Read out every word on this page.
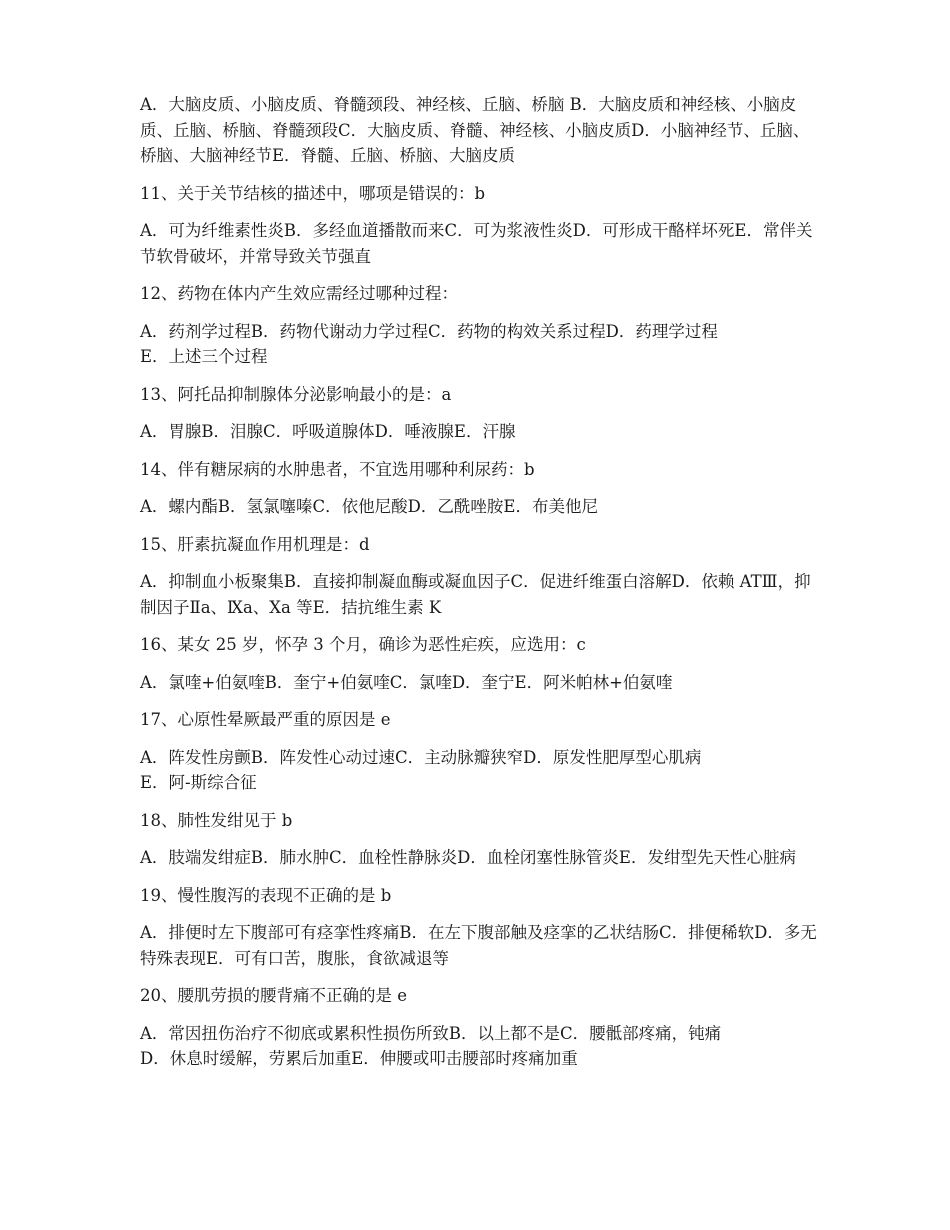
A．大脑皮质、小脑皮质、脊髓颈段、神经核、丘脑、桥脑 B．大脑皮质和神经核、小脑皮质、丘脑、桥脑、脊髓颈段C．大脑皮质、脊髓、神经核、小脑皮质D．小脑神经节、丘脑、桥脑、大脑神经节E．脊髓、丘脑、桥脑、大脑皮质

11、关于关节结核的描述中，哪项是错误的：b

A．可为纤维素性炎B．多经血道播散而来C．可为浆液性炎D．可形成干酪样坏死E．常伴关节软骨破坏，并常导致关节强直

12、药物在体内产生效应需经过哪种过程：

A．药剂学过程B．药物代谢动力学过程C．药物的构效关系过程D．药理学过程
E．上述三个过程

13、阿托品抑制腺体分泌影响最小的是：a

A．胃腺B．泪腺C．呼吸道腺体D．唾液腺E．汗腺

14、伴有糖尿病的水肿患者，不宜选用哪种利尿药：b

A．螺内酯B．氢氯噻嗪C．依他尼酸D．乙酰唑胺E．布美他尼

15、肝素抗凝血作用机理是：d

A．抑制血小板聚集B．直接抑制凝血酶或凝血因子C．促进纤维蛋白溶解D．依赖 ATⅢ，抑制因子Ⅱa、Ⅸa、Ⅹa 等E．拮抗维生素 K

16、某女 25 岁，怀孕 3 个月，确诊为恶性疟疾，应选用：c

A．氯喹+伯氨喹B．奎宁+伯氨喹C．氯喹D．奎宁E．阿米帕林+伯氨喹

17、心原性晕厥最严重的原因是 e

A．阵发性房颤B．阵发性心动过速C．主动脉瓣狭窄D．原发性肥厚型心肌病
E．阿-斯综合征

18、肺性发绀见于 b

A．肢端发绀症B．肺水肿C．血栓性静脉炎D．血栓闭塞性脉管炎E．发绀型先天性心脏病

19、慢性腹泻的表现不正确的是 b

A．排便时左下腹部可有痉挛性疼痛B．在左下腹部触及痉挛的乙状结肠C．排便稀软D．多无特殊表现E．可有口苦，腹胀，食欲减退等

20、腰肌劳损的腰背痛不正确的是 e

A．常因扭伤治疗不彻底或累积性损伤所致B．以上都不是C．腰骶部疼痛，钝痛
D．休息时缓解，劳累后加重E．伸腰或叩击腰部时疼痛加重
